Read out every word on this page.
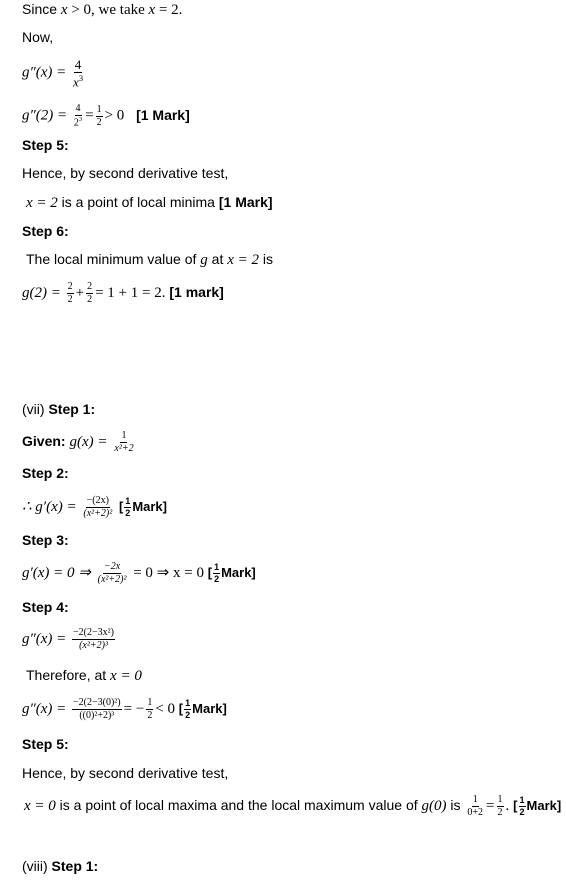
Since x > 0, we take x = 2.
Now,
$g''(x) = \frac{4}{x^3}$
$g''(2) = \frac{4}{2^3} = \frac{1}{2} > 0$ [1 Mark]
Step 5:
Hence, by second derivative test,
x = 2 is a point of local minima [1 Mark]
Step 6:
The local minimum value of g at x = 2 is
$g(2) = \frac{2}{2} + \frac{2}{2} = 1 + 1 = 2$. [1 mark]
(vii) Step 1:
Given: $g(x) = \frac{1}{\text{x²+2}}$
Step 2:
∴ $g'(x) = \frac{-(2x)}{\text{(x²+2)²}}$ [ $\frac{1}{2}$ Mark]
Step 3:
g′(x) = 0 ⇒ $\frac{-2x}{\text{(x²+2)²}} = 0$ ⇒ x = 0 [ $\frac{1}{2}$ Mark]
Step 4:
$g''(x) = \frac{\text{−2(2−3x²)}}{\text{(x²+2)³}}$
Therefore, at x = 0
$g''(x) = \frac{\text{−2(2−3(0)²)}}{\text{((0)²+2)³}}$ = − $\frac{1}{2} < 0$ [ $\frac{1}{2}$ Mark]
Step 5:
Hence, by second derivative test,
x = 0 is a point of local maxima and the local maximum value of g(0) is $\frac{1}{0+2} = \frac{1}{2}$ . [ $\frac{1}{2}$ Mark]
(viii) Step 1:
